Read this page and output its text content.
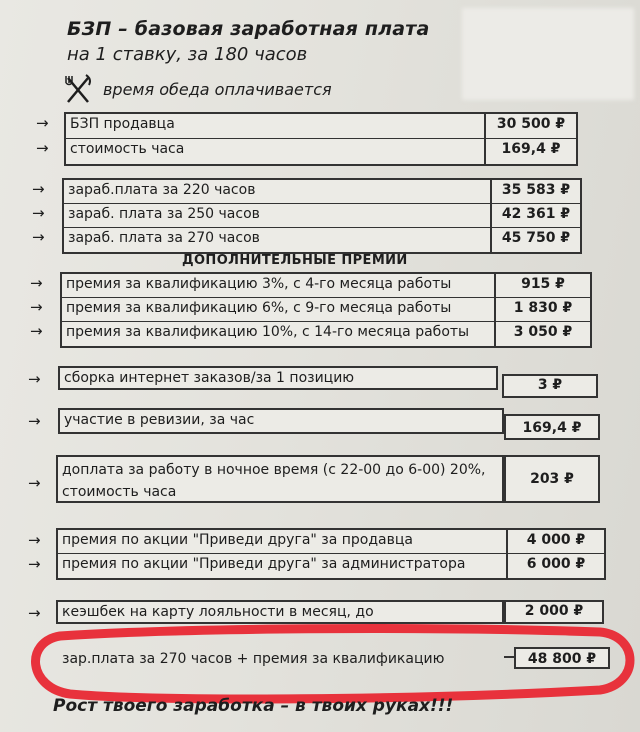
БЗП – базовая заработная плата
на 1 ставку, за 180 часов
время обеда оплачивается
→
→
→
→
→
→
→
→
→
→
→
→
→
→
БЗП продавца	30 500 ₽
стоимость часа	169,4 ₽
зараб.плата за 220 часов	35 583 ₽
зараб. плата за 250 часов	42 361 ₽
зараб. плата за 270 часов	45 750 ₽
ДОПОЛНИТЕЛЬНЫЕ ПРЕМИИ
премия за квалификацию 3%, с 4-го месяца работы	915 ₽
премия за квалификацию 6%, с 9-го месяца работы	1 830 ₽
премия за квалификацию 10%, с 14-го месяца работы	3 050 ₽
сборка интернет заказов/за 1 позицию	3 ₽
участие в ревизии, за час	169,4 ₽
доплата за работу в ночное время (с 22-00 до 6-00) 20%,
стоимость часа
203 ₽
премия по акции "Приведи друга" за продавца	4 000 ₽
премия по акции "Приведи друга" за администратора	6 000 ₽
кеэшбек на карту лояльности в месяц, до	2 000 ₽
зар.плата за 270 часов + премия за квалификацию	48 800 ₽
Рост твоего заработка – в твоих руках!!!
